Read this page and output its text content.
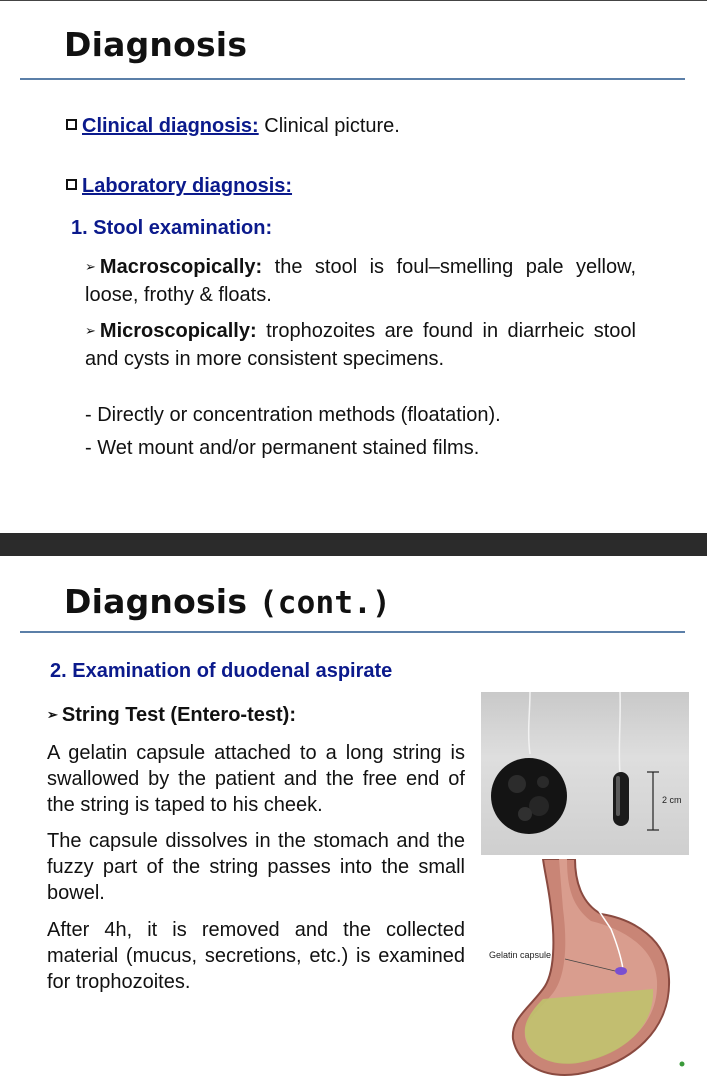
Diagnosis
Clinical diagnosis: Clinical picture.
Laboratory diagnosis:
1. Stool examination:
➢ Macroscopically: the stool is foul–smelling pale yellow, loose, frothy & floats.
➢ Microscopically: trophozoites are found in diarrheic stool and cysts in more consistent specimens.
- Directly or concentration methods (floatation).
- Wet mount and/or permanent stained films.
Diagnosis (cont.)
2. Examination of duodenal aspirate
➢ String Test (Entero-test):
A gelatin capsule attached to a long string is swallowed by the patient and the free end of the string is taped to his cheek.
The capsule dissolves in the stomach and the fuzzy part of the string passes into the small bowel.
After 4h, it is removed and the collected material (mucus, secretions, etc.) is examined for trophozoites.
2 cm
Gelatin capsule
